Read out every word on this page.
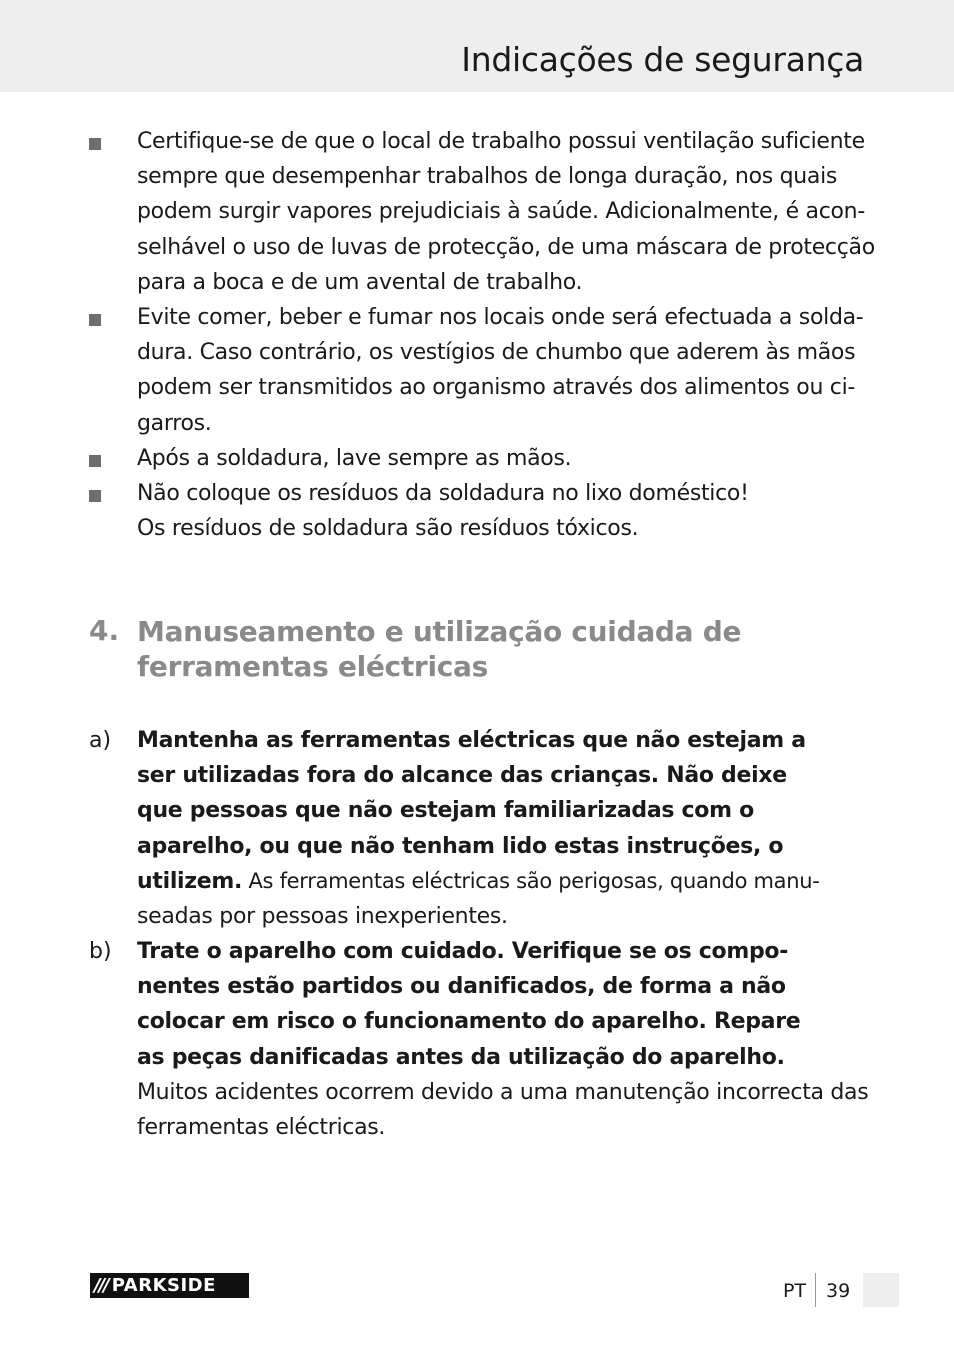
Indicações de segurança
Certifique-se de que o local de trabalho possui ventilação suficiente
sempre que desempenhar trabalhos de longa duração, nos quais
podem surgir vapores prejudiciais à saúde. Adicionalmente, é acon-
selhável o uso de luvas de protecção, de uma máscara de protecção
para a boca e de um avental de trabalho.
Evite comer, beber e fumar nos locais onde será efectuada a solda-
dura. Caso contrário, os vestígios de chumbo que aderem às mãos
podem ser transmitidos ao organismo através dos alimentos ou ci-
garros.
Após a soldadura, lave sempre as mãos.
Não coloque os resíduos da soldadura no lixo doméstico!
Os resíduos de soldadura são resíduos tóxicos.
4. Manuseamento e utilização cuidada de
ferramentas eléctricas
a) Mantenha as ferramentas eléctricas que não estejam a
ser utilizadas fora do alcance das crianças. Não deixe
que pessoas que não estejam familiarizadas com o
aparelho, ou que não tenham lido estas instruções, o
utilizem. As ferramentas eléctricas são perigosas, quando manu-
seadas por pessoas inexperientes.
b) Trate o aparelho com cuidado. Verifique se os compo-
nentes estão partidos ou danificados, de forma a não
colocar em risco o funcionamento do aparelho. Repare
as peças danificadas antes da utilização do aparelho.
Muitos acidentes ocorrem devido a uma manutenção incorrecta das
ferramentas eléctricas.
/// PARKSIDE	PT 39
